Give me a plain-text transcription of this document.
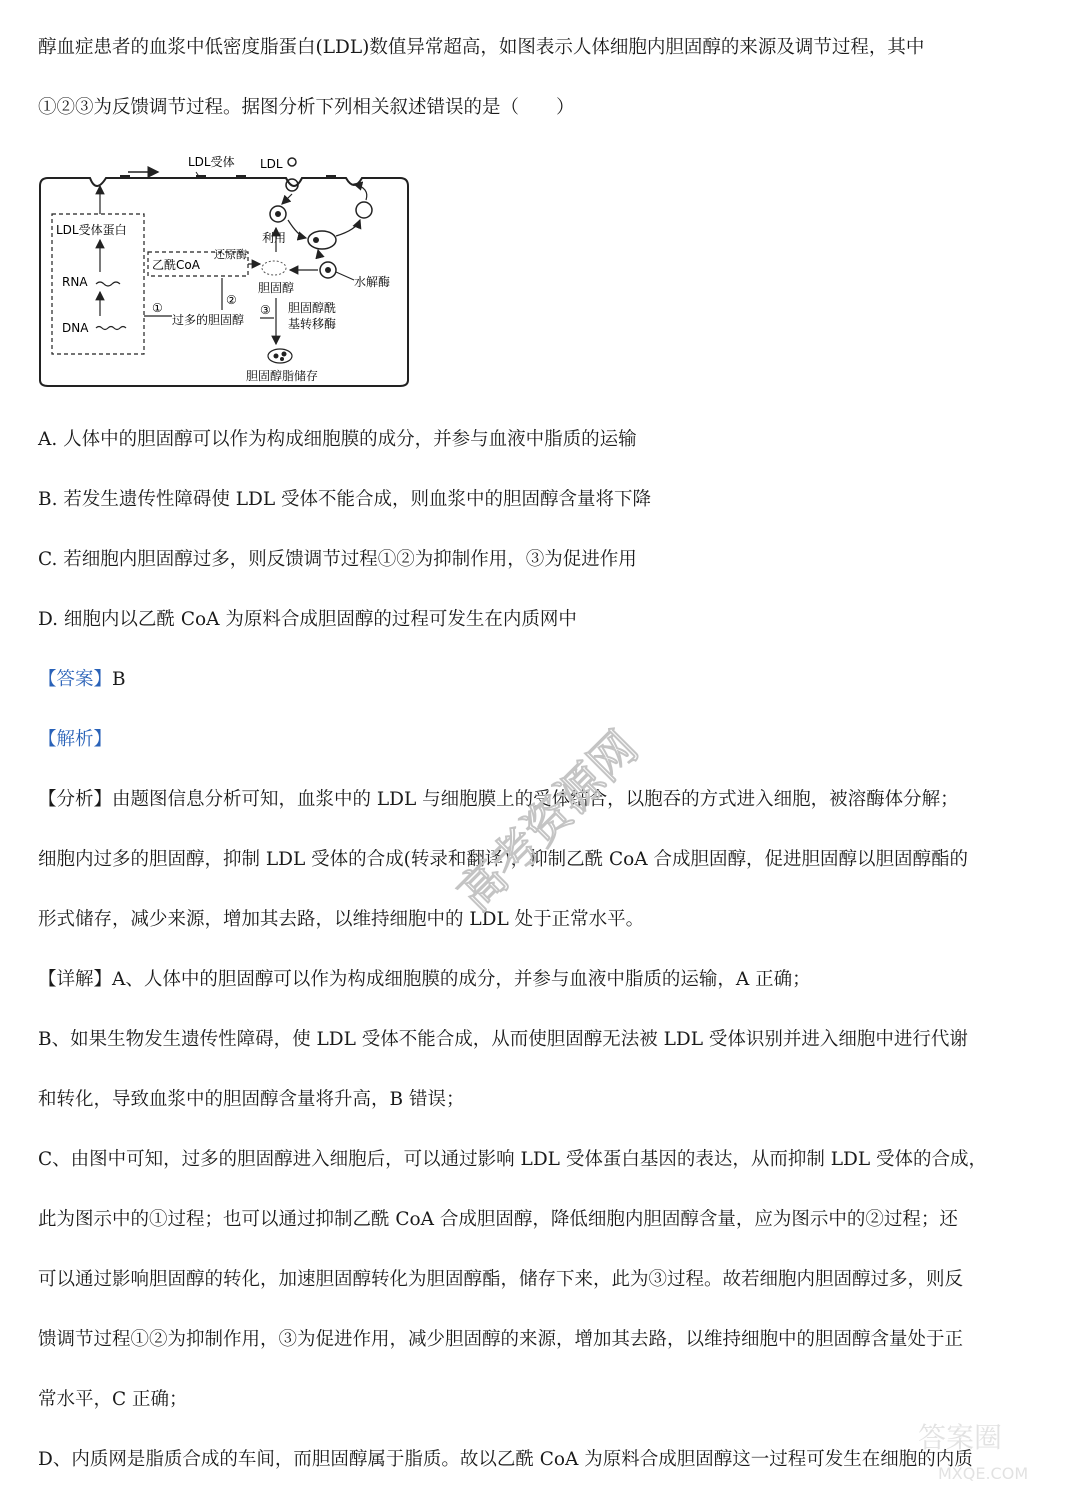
醇血症患者的血浆中低密度脂蛋白(LDL)数值异常超高，如图表示人体细胞内胆固醇的来源及调节过程，其中
①②③为反馈调节过程。据图分析下列相关叙述错误的是（　　）
LDL受体 LDL
水解酶
利用
胆固醇
LDL受体蛋白
RNA
DNA
乙酰CoA
还原酶
①
过多的胆固醇
②
③ 胆固醇酰
基转移酶
胆固醇脂储存
A. 人体中的胆固醇可以作为构成细胞膜的成分，并参与血液中脂质的运输
B. 若发生遗传性障碍使 LDL 受体不能合成，则血浆中的胆固醇含量将下降
C. 若细胞内胆固醇过多，则反馈调节过程①②为抑制作用，③为促进作用
D. 细胞内以乙酰 CoA 为原料合成胆固醇的过程可发生在内质网中
【答案】B
【解析】
【分析】由题图信息分析可知，血浆中的 LDL 与细胞膜上的受体结合，以胞吞的方式进入细胞，被溶酶体分解；
细胞内过多的胆固醇，抑制 LDL 受体的合成(转录和翻译)，抑制乙酰 CoA 合成胆固醇，促进胆固醇以胆固醇酯的
形式储存，减少来源，增加其去路，以维持细胞中的 LDL 处于正常水平。
【详解】A、人体中的胆固醇可以作为构成细胞膜的成分，并参与血液中脂质的运输，A 正确；
B、如果生物发生遗传性障碍，使 LDL 受体不能合成，从而使胆固醇无法被 LDL 受体识别并进入细胞中进行代谢
和转化，导致血浆中的胆固醇含量将升高，B 错误；
C、由图中可知，过多的胆固醇进入细胞后，可以通过影响 LDL 受体蛋白基因的表达，从而抑制 LDL 受体的合成，
此为图示中的①过程；也可以通过抑制乙酰 CoA 合成胆固醇，降低细胞内胆固醇含量，应为图示中的②过程；还
可以通过影响胆固醇的转化，加速胆固醇转化为胆固醇酯，储存下来，此为③过程。故若细胞内胆固醇过多，则反
馈调节过程①②为抑制作用，③为促进作用，减少胆固醇的来源，增加其去路，以维持细胞中的胆固醇含量处于正
常水平，C 正确；
D、内质网是脂质合成的车间，而胆固醇属于脂质。故以乙酰 CoA 为原料合成胆固醇这一过程可发生在细胞的内质
高考资源网
答案圈
MXQE.COM
